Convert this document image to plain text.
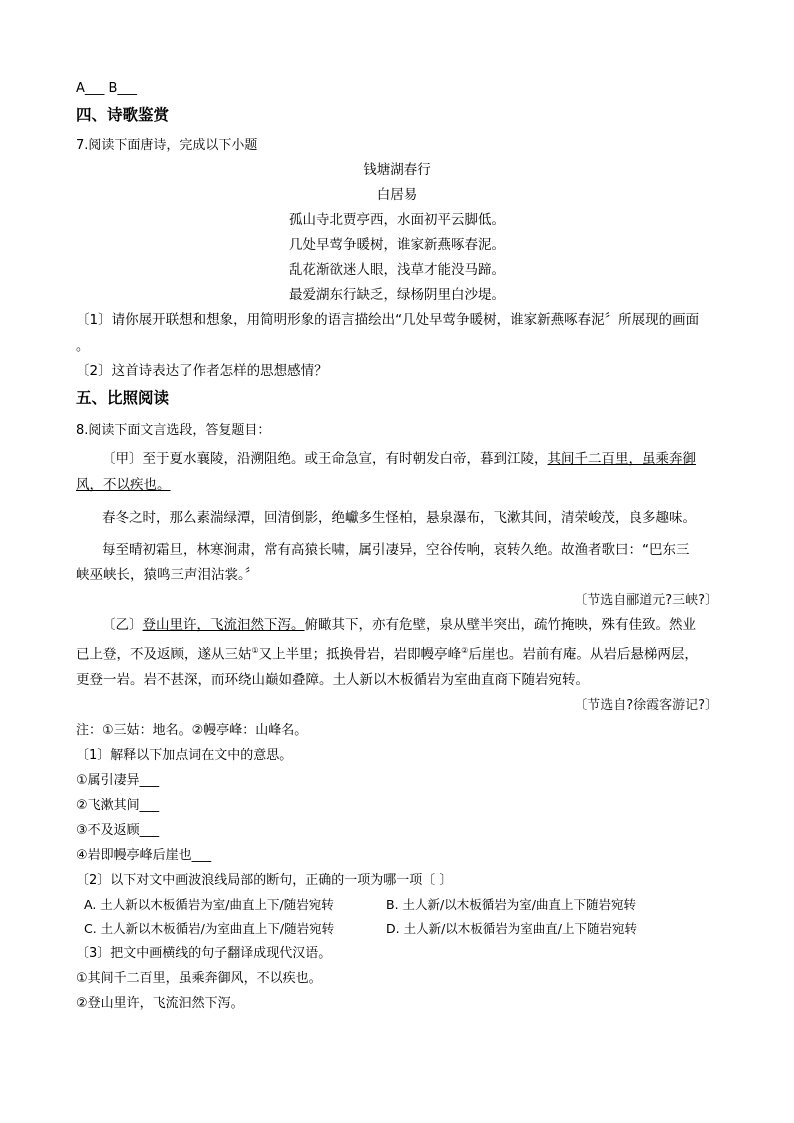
A___ B___
四、诗歌鉴赏
7.阅读下面唐诗，完成以下小题
钱塘湖春行
白居易
孤山寺北贾亭西，水面初平云脚低。
几处早莺争暖树，谁家新燕啄春泥。
乱花渐欲迷人眼，浅草才能没马蹄。
最爱湖东行缺乏，绿杨阴里白沙堤。
〔1〕请你展开联想和想象，用简明形象的语言描绘出“几处早莺争暖树，谁家新燕啄春泥〞所展现的画面
。
〔2〕这首诗表达了作者怎样的思想感情？
五、比照阅读
8.阅读下面文言选段，答复题目：
〔甲〕至于夏水襄陵，沿溯阻绝。或王命急宣，有时朝发白帝，暮到江陵，其间千二百里，虽乘奔御
风，不以疾也。
春冬之时，那么素湍绿潭，回清倒影，绝巘多生怪柏，悬泉瀑布，飞漱其间，清荣峻茂，良多趣味。
每至晴初霜旦，林寒涧肃，常有高猿长啸，属引凄异，空谷传响，哀转久绝。故渔者歌曰：“巴东三
峡巫峡长，猿鸣三声泪沾裳。〞
〔节选自郦道元?三峡?〕
〔乙〕登山里许，飞流汩然下泻。俯瞰其下，亦有危壁，泉从壁半突出，疏竹掩映，殊有佳致。然业
已上登，不及返顾，遂从三姑①又上半里；抵换骨岩，岩即幔亭峰②后崖也。岩前有庵。从岩后悬梯两层，
更登一岩。岩不甚深，而环绕山巅如叠障。土人新以木板循岩为室曲直商下随岩宛转。
〔节选自?徐霞客游记?〕
注：①三姑：地名。②幔亭峰：山峰名。
〔1〕解释以下加点词在文中的意思。
①属引凄异___
②飞漱其间___
③不及返顾___
④岩即幔亭峰后崖也___
〔2〕以下对文中画波浪线局部的断句，正确的一项为哪一项〔 〕
A. 土人新以木板循岩为室/曲直上下/随岩宛转	B. 土人新/以木板循岩为室/曲直上下随岩宛转
C. 土人新以木板循岩/为室曲直上下/随岩宛转	D. 土人新/以木板循岩为室曲直/上下随岩宛转
〔3〕把文中画横线的句子翻译成现代汉语。
①其间千二百里，虽乘奔御风，不以疾也。
②登山里许，飞流汩然下泻。
